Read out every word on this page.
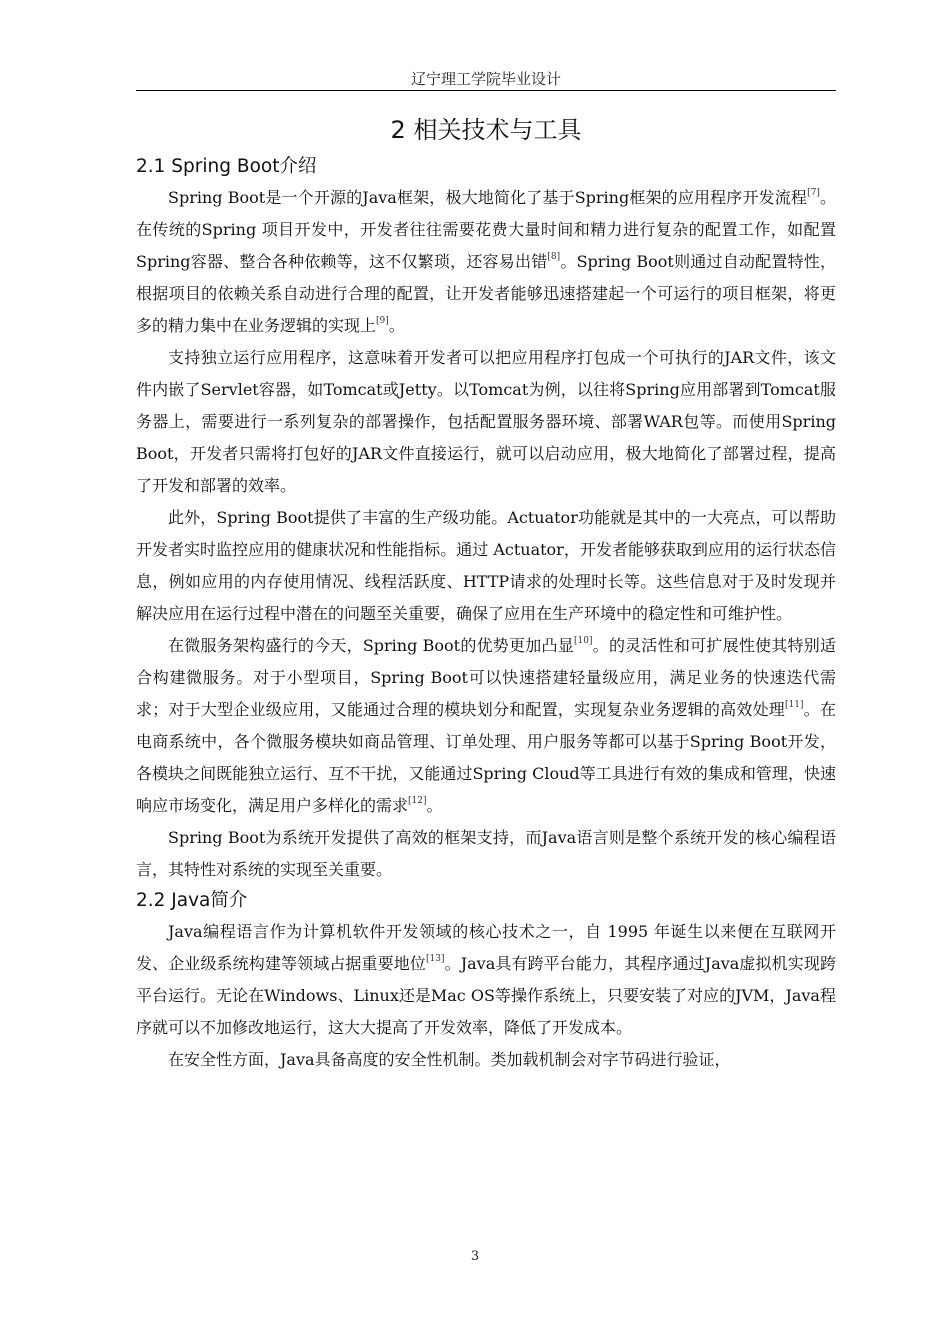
辽宁理工学院毕业设计
2 相关技术与工具
2.1 Spring Boot介绍

Spring Boot是一个开源的Java框架，极大地简化了基于Spring框架的应用程序开发流程[7]。在传统的Spring 项目开发中，开发者往往需要花费大量时间和精力进行复杂的配置工作，如配置Spring容器、整合各种依赖等，这不仅繁琐，还容易出错[8]。Spring Boot则通过自动配置特性，根据项目的依赖关系自动进行合理的配置，让开发者能够迅速搭建起一个可运行的项目框架，将更多的精力集中在业务逻辑的实现上[9]。

支持独立运行应用程序，这意味着开发者可以把应用程序打包成一个可执行的JAR文件，该文件内嵌了Servlet容器，如Tomcat或Jetty。以Tomcat为例，以往将Spring应用部署到Tomcat服务器上，需要进行一系列复杂的部署操作，包括配置服务器环境、部署WAR包等。而使用Spring Boot，开发者只需将打包好的JAR文件直接运行，就可以启动应用，极大地简化了部署过程，提高了开发和部署的效率。

此外，Spring Boot提供了丰富的生产级功能。Actuator功能就是其中的一大亮点，可以帮助开发者实时监控应用的健康状况和性能指标。通过 Actuator，开发者能够获取到应用的运行状态信息，例如应用的内存使用情况、线程活跃度、HTTP请求的处理时长等。这些信息对于及时发现并解决应用在运行过程中潜在的问题至关重要，确保了应用在生产环境中的稳定性和可维护性。

在微服务架构盛行的今天，Spring Boot的优势更加凸显[10]。的灵活性和可扩展性使其特别适合构建微服务。对于小型项目，Spring Boot可以快速搭建轻量级应用，满足业务的快速迭代需求；对于大型企业级应用，又能通过合理的模块划分和配置，实现复杂业务逻辑的高效处理[11]。在电商系统中，各个微服务模块如商品管理、订单处理、用户服务等都可以基于Spring Boot开发，各模块之间既能独立运行、互不干扰，又能通过Spring Cloud等工具进行有效的集成和管理，快速响应市场变化，满足用户多样化的需求[12]。

Spring Boot为系统开发提供了高效的框架支持，而Java语言则是整个系统开发的核心编程语言，其特性对系统的实现至关重要。

2.2 Java简介

Java编程语言作为计算机软件开发领域的核心技术之一，自 1995 年诞生以来便在互联网开发、企业级系统构建等领域占据重要地位[13]。Java具有跨平台能力，其程序通过Java虚拟机实现跨平台运行。无论在Windows、Linux还是Mac OS等操作系统上，只要安装了对应的JVM，Java程序就可以不加修改地运行，这大大提高了开发效率，降低了开发成本。

在安全性方面，Java具备高度的安全性机制。类加载机制会对字节码进行验证，

3
